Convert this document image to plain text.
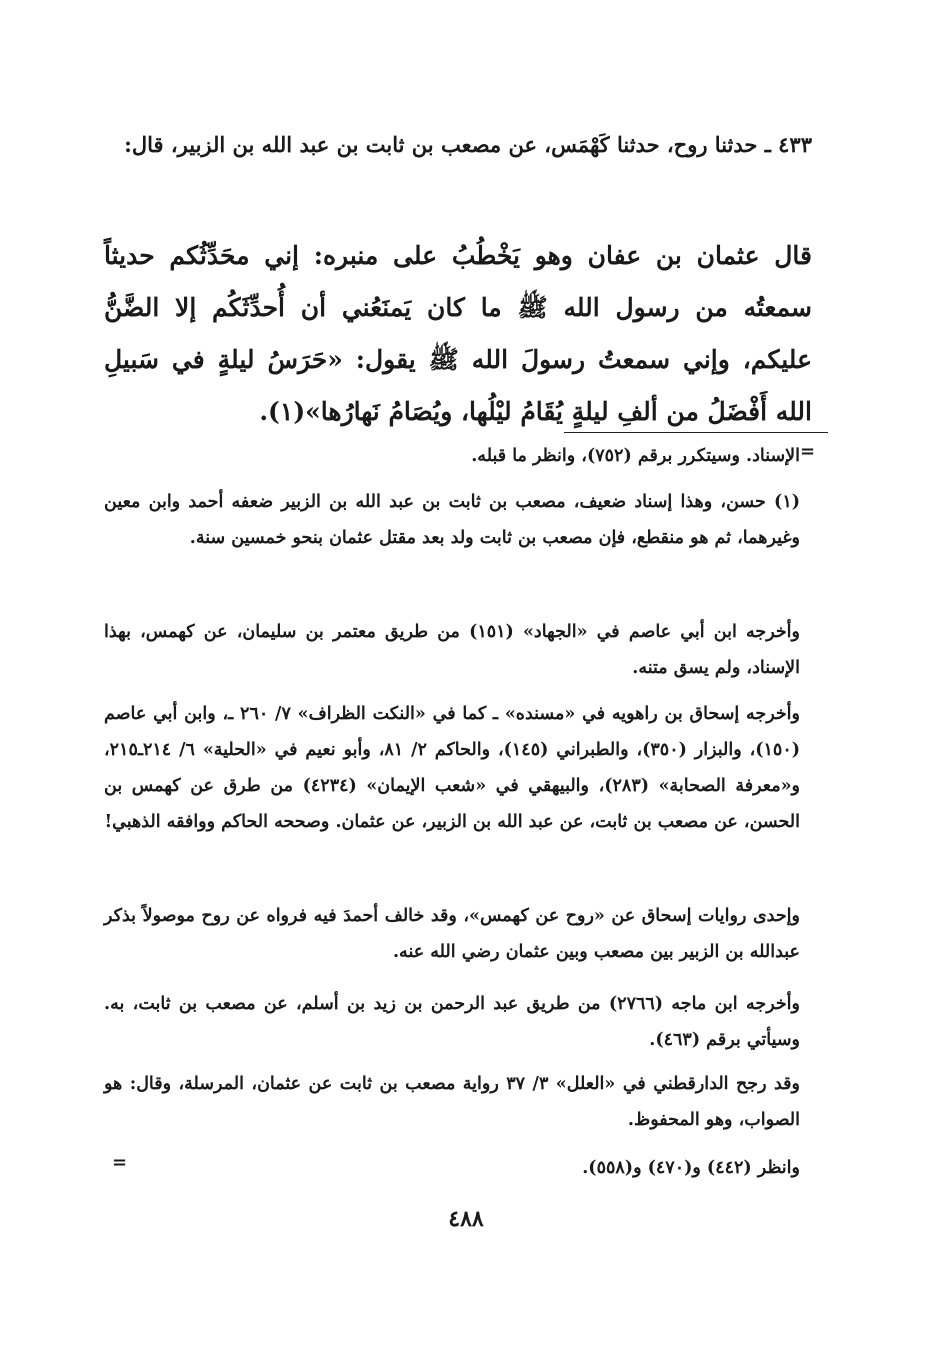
٤٣٣ ـ حدثنا روح، حدثنا كَهْمَس، عن مصعب بن ثابت بن عبد الله بن الزبير، قال:
قال عثمان بن عفان وهو يَخْطُبُ على منبره: إني محَدِّثُكم حديثاً سمعتُه من رسول الله ﷺ ما كان يَمنَعُني أن أُحدِّثَكُم إلا الضَّنُّ عليكم، وإني سمعتُ رسولَ الله ﷺ يقول: «حَرَسُ ليلةٍ في سَبيلِ الله أَفْضَلُ من ألفِ ليلةٍ يُقَامُ ليْلُها، ويُصَامُ نَهارُها»(١).
=
الإسناد. وسيتكرر برقم (٧٥٢)، وانظر ما قبله.
(١) حسن، وهذا إسناد ضعيف، مصعب بن ثابت بن عبد الله بن الزبير ضعفه أحمد وابن معين وغيرهما، ثم هو منقطع، فإن مصعب بن ثابت ولد بعد مقتل عثمان بنحو خمسين سنة.
وأخرجه ابن أبي عاصم في «الجهاد» (١٥١) من طريق معتمر بن سليمان، عن كهمس، بهذا الإسناد، ولم يسق متنه.
وأخرجه إسحاق بن راهويه في «مسنده» ـ كما في «النكت الظراف» ٧/ ٢٦٠ ـ، وابن أبي عاصم (١٥٠)، والبزار (٣٥٠)، والطبراني (١٤٥)، والحاكم ٢/ ٨١، وأبو نعيم في «الحلية» ٦/ ٢١٤ـ٢١٥، و«معرفة الصحابة» (٢٨٣)، والبيهقي في «شعب الإيمان» (٤٢٣٤) من طرق عن كهمس بن الحسن، عن مصعب بن ثابت، عن عبد الله بن الزبير، عن عثمان. وصححه الحاكم ووافقه الذهبي!
وإحدى روايات إسحاق عن «روح عن كهمس»، وقد خالف أحمدَ فيه فرواه عن روح موصولاً بذكر عبدالله بن الزبير بين مصعب وبين عثمان رضي الله عنه.
وأخرجه ابن ماجه (٢٧٦٦) من طريق عبد الرحمن بن زيد بن أسلم، عن مصعب بن ثابت، به. وسيأتي برقم (٤٦٣).
وقد رجح الدارقطني في «العلل» ٣/ ٣٧ رواية مصعب بن ثابت عن عثمان، المرسلة، وقال: هو الصواب، وهو المحفوظ.
وانظر (٤٤٢) و(٤٧٠) و(٥٥٨).
=
٤٨٨
